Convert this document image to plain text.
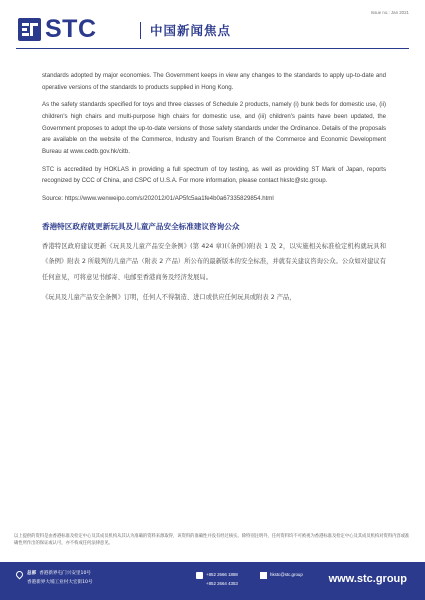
Issue no.: Jan 2021
STC	中国新闻焦点

standards adopted by major economies. The Government keeps in view any changes to the standards to apply up-to-date and operative versions of the standards to products supplied in Hong Kong.

As the safety standards specified for toys and three classes of Schedule 2 products, namely (i) bunk beds for domestic use, (ii) children's high chairs and multi-purpose high chairs for domestic use, and (iii) children's paints have been updated, the Government proposes to adopt the up-to-date versions of those safety standards under the Ordinance. Details of the proposals are available on the website of the Commerce, Industry and Tourism Branch of the Commerce and Economic Development Bureau at www.cedb.gov.hk/citb.

STC is accredited by HOKLAS in providing a full spectrum of toy testing, as well as providing ST Mark of Japan, reports recognized by CCC of China, and CSPC of U.S.A. For more information, please contact hkstc@stc.group.

Source: https://www.wenweipo.com/s/202012/01/AP5fc5aa1fe4b0a67335829854.html

香港特区政府就更新玩具及儿童产品安全标准建议咨询公众

香港特区政府建议更新《玩具及儿童产品安全条例》(第 424 章)(《条例》)附表 1 及 2，以实施相关标准检定机构就玩具和《条例》附表 2 所载列的儿童产品（附表 2 产品）所公布的最新版本的安全标准，并就有关建议咨询公众。公众如对建议有任何意见，可将意见书邮寄、电邮至香港商务及经济发展局。

《玩具及儿童产品安全条例》订明，任何人不得制造、进口或供应任何玩具或附表 2 产品，

以上提供的资料是由香港标准及检定中心及其成员机构从其认为准确的资料来源取得，该资料的准确性并没有经过核实。除特别注明外，任何资料均不可被视为香港标准及检定中心及其成员机构对资料内容或准确性所作出的保证或认可，亦不构成任何法律意见。
总部 香港新界屯门兴安里10号
香港新界大埔工业村大宏街10号
+852 2666 1888
+852 2664 4353
hkstc@stc.group www.stc.group
